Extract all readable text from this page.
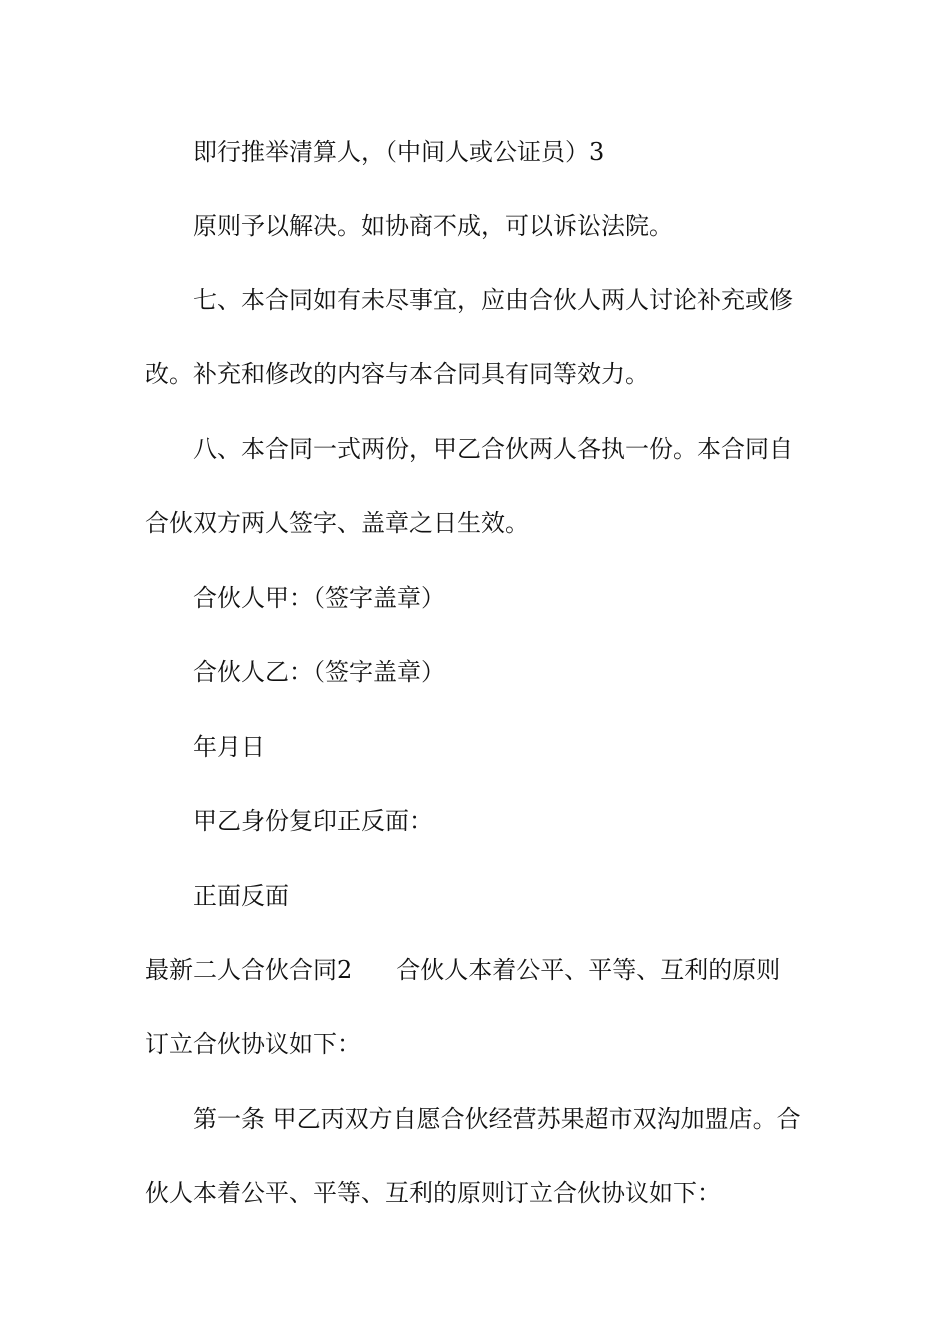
即行推举清算人，（中间人或公证员）3
原则予以解决。如协商不成，可以诉讼法院。
七、本合同如有未尽事宜，应由合伙人两人讨论补充或修
改。补充和修改的内容与本合同具有同等效力。
八、本合同一式两份，甲乙合伙两人各执一份。本合同自
合伙双方两人签字、盖章之日生效。
合伙人甲：（签字盖章）
合伙人乙：（签字盖章）
年月日
甲乙身份复印正反面：
正面反面
最新二人合伙合同2 合伙人本着公平、平等、互利的原则
订立合伙协议如下：
第一条 甲乙丙双方自愿合伙经营苏果超市双沟加盟店。合
伙人本着公平、平等、互利的原则订立合伙协议如下：
